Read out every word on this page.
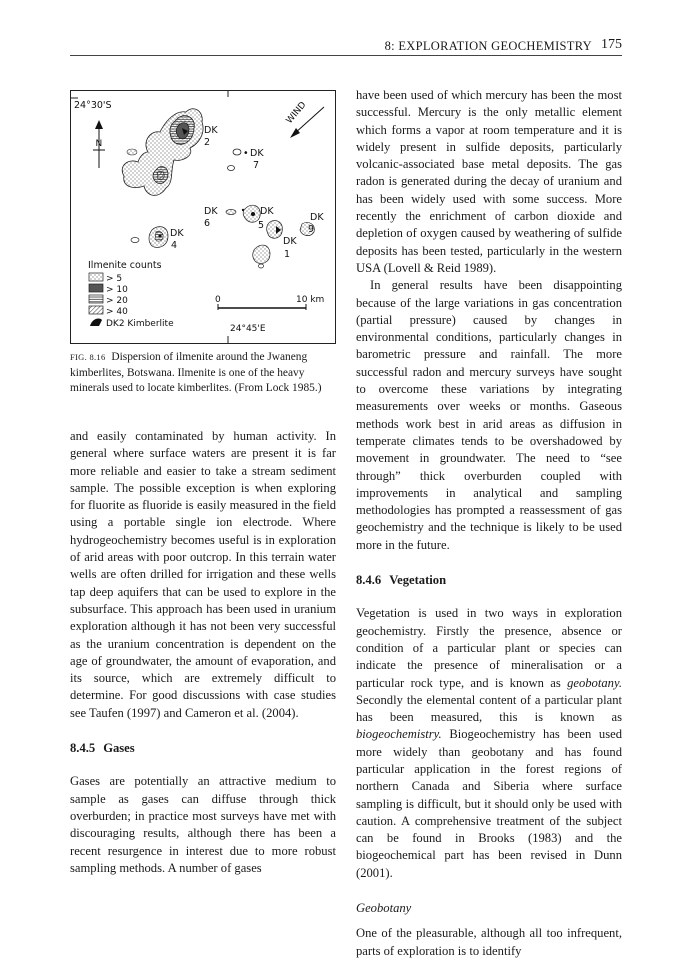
8: EXPLORATION GEOCHEMISTRY 175
24°30'S
24°45'E
N
WIND
DK
2
• DK
7
DK
6
DK
5
DK
9
DK
1
DK
4
Ilmenite counts
> 5
> 10
> 20
> 40
DK2 Kimberlite
0	10 km
FIG. 8.16 Dispersion of ilmenite around the Jwaneng kimberlites, Botswana. Ilmenite is one of the heavy minerals used to locate kimberlites. (From Lock 1985.)

and easily contaminated by human activity. In general where surface waters are present it is far more reliable and easier to take a stream sediment sample. The possible exception is when exploring for fluorite as fluoride is easily measured in the field using a portable single ion electrode. Where hydrogeochemistry becomes useful is in exploration of arid areas with poor outcrop. In this terrain water wells are often drilled for irrigation and these wells tap deep aquifers that can be used to explore in the subsurface. This approach has been used in uranium exploration although it has not been very successful as the uranium concentration is dependent on the age of groundwater, the amount of evaporation, and its source, which are extremely difficult to determine. For good discussions with case studies see Taufen (1997) and Cameron et al. (2004).

8.4.5 Gases

Gases are potentially an attractive medium to sample as gases can diffuse through thick overburden; in practice most surveys have met with discouraging results, although there has been a recent resurgence in interest due to more robust sampling methods. A number of gases

have been used of which mercury has been the most successful. Mercury is the only metallic element which forms a vapor at room temperature and it is widely present in sulfide deposits, particularly volcanic-associated base metal deposits. The gas radon is generated during the decay of uranium and has been widely used with some success. More recently the enrichment of carbon dioxide and depletion of oxygen caused by weathering of sulfide deposits has been tested, particularly in the western USA (Lovell & Reid 1989).

In general results have been disappointing because of the large variations in gas concentration (partial pressure) caused by changes in environmental conditions, particularly changes in barometric pressure and rainfall. The more successful radon and mercury surveys have sought to overcome these variations by integrating measurements over weeks or months. Gaseous methods work best in arid areas as diffusion in temperate climates tends to be overshadowed by movement in groundwater. The need to “see through” thick overburden coupled with improvements in analytical and sampling methodologies has prompted a reassessment of gas geochemistry and the technique is likely to be used more in the future.

8.4.6 Vegetation

Vegetation is used in two ways in exploration geochemistry. Firstly the presence, absence or condition of a particular plant or species can indicate the presence of mineralisation or a particular rock type, and is known as geobotany. Secondly the elemental content of a particular plant has been measured, this is known as biogeochemistry. Biogeochemistry has been used more widely than geobotany and has found particular application in the forest regions of northern Canada and Siberia where surface sampling is difficult, but it should only be used with caution. A comprehensive treatment of the subject can be found in Brooks (1983) and the biogeochemical part has been revised in Dunn (2001).

Geobotany

One of the pleasurable, although all too infrequent, parts of exploration is to identify
